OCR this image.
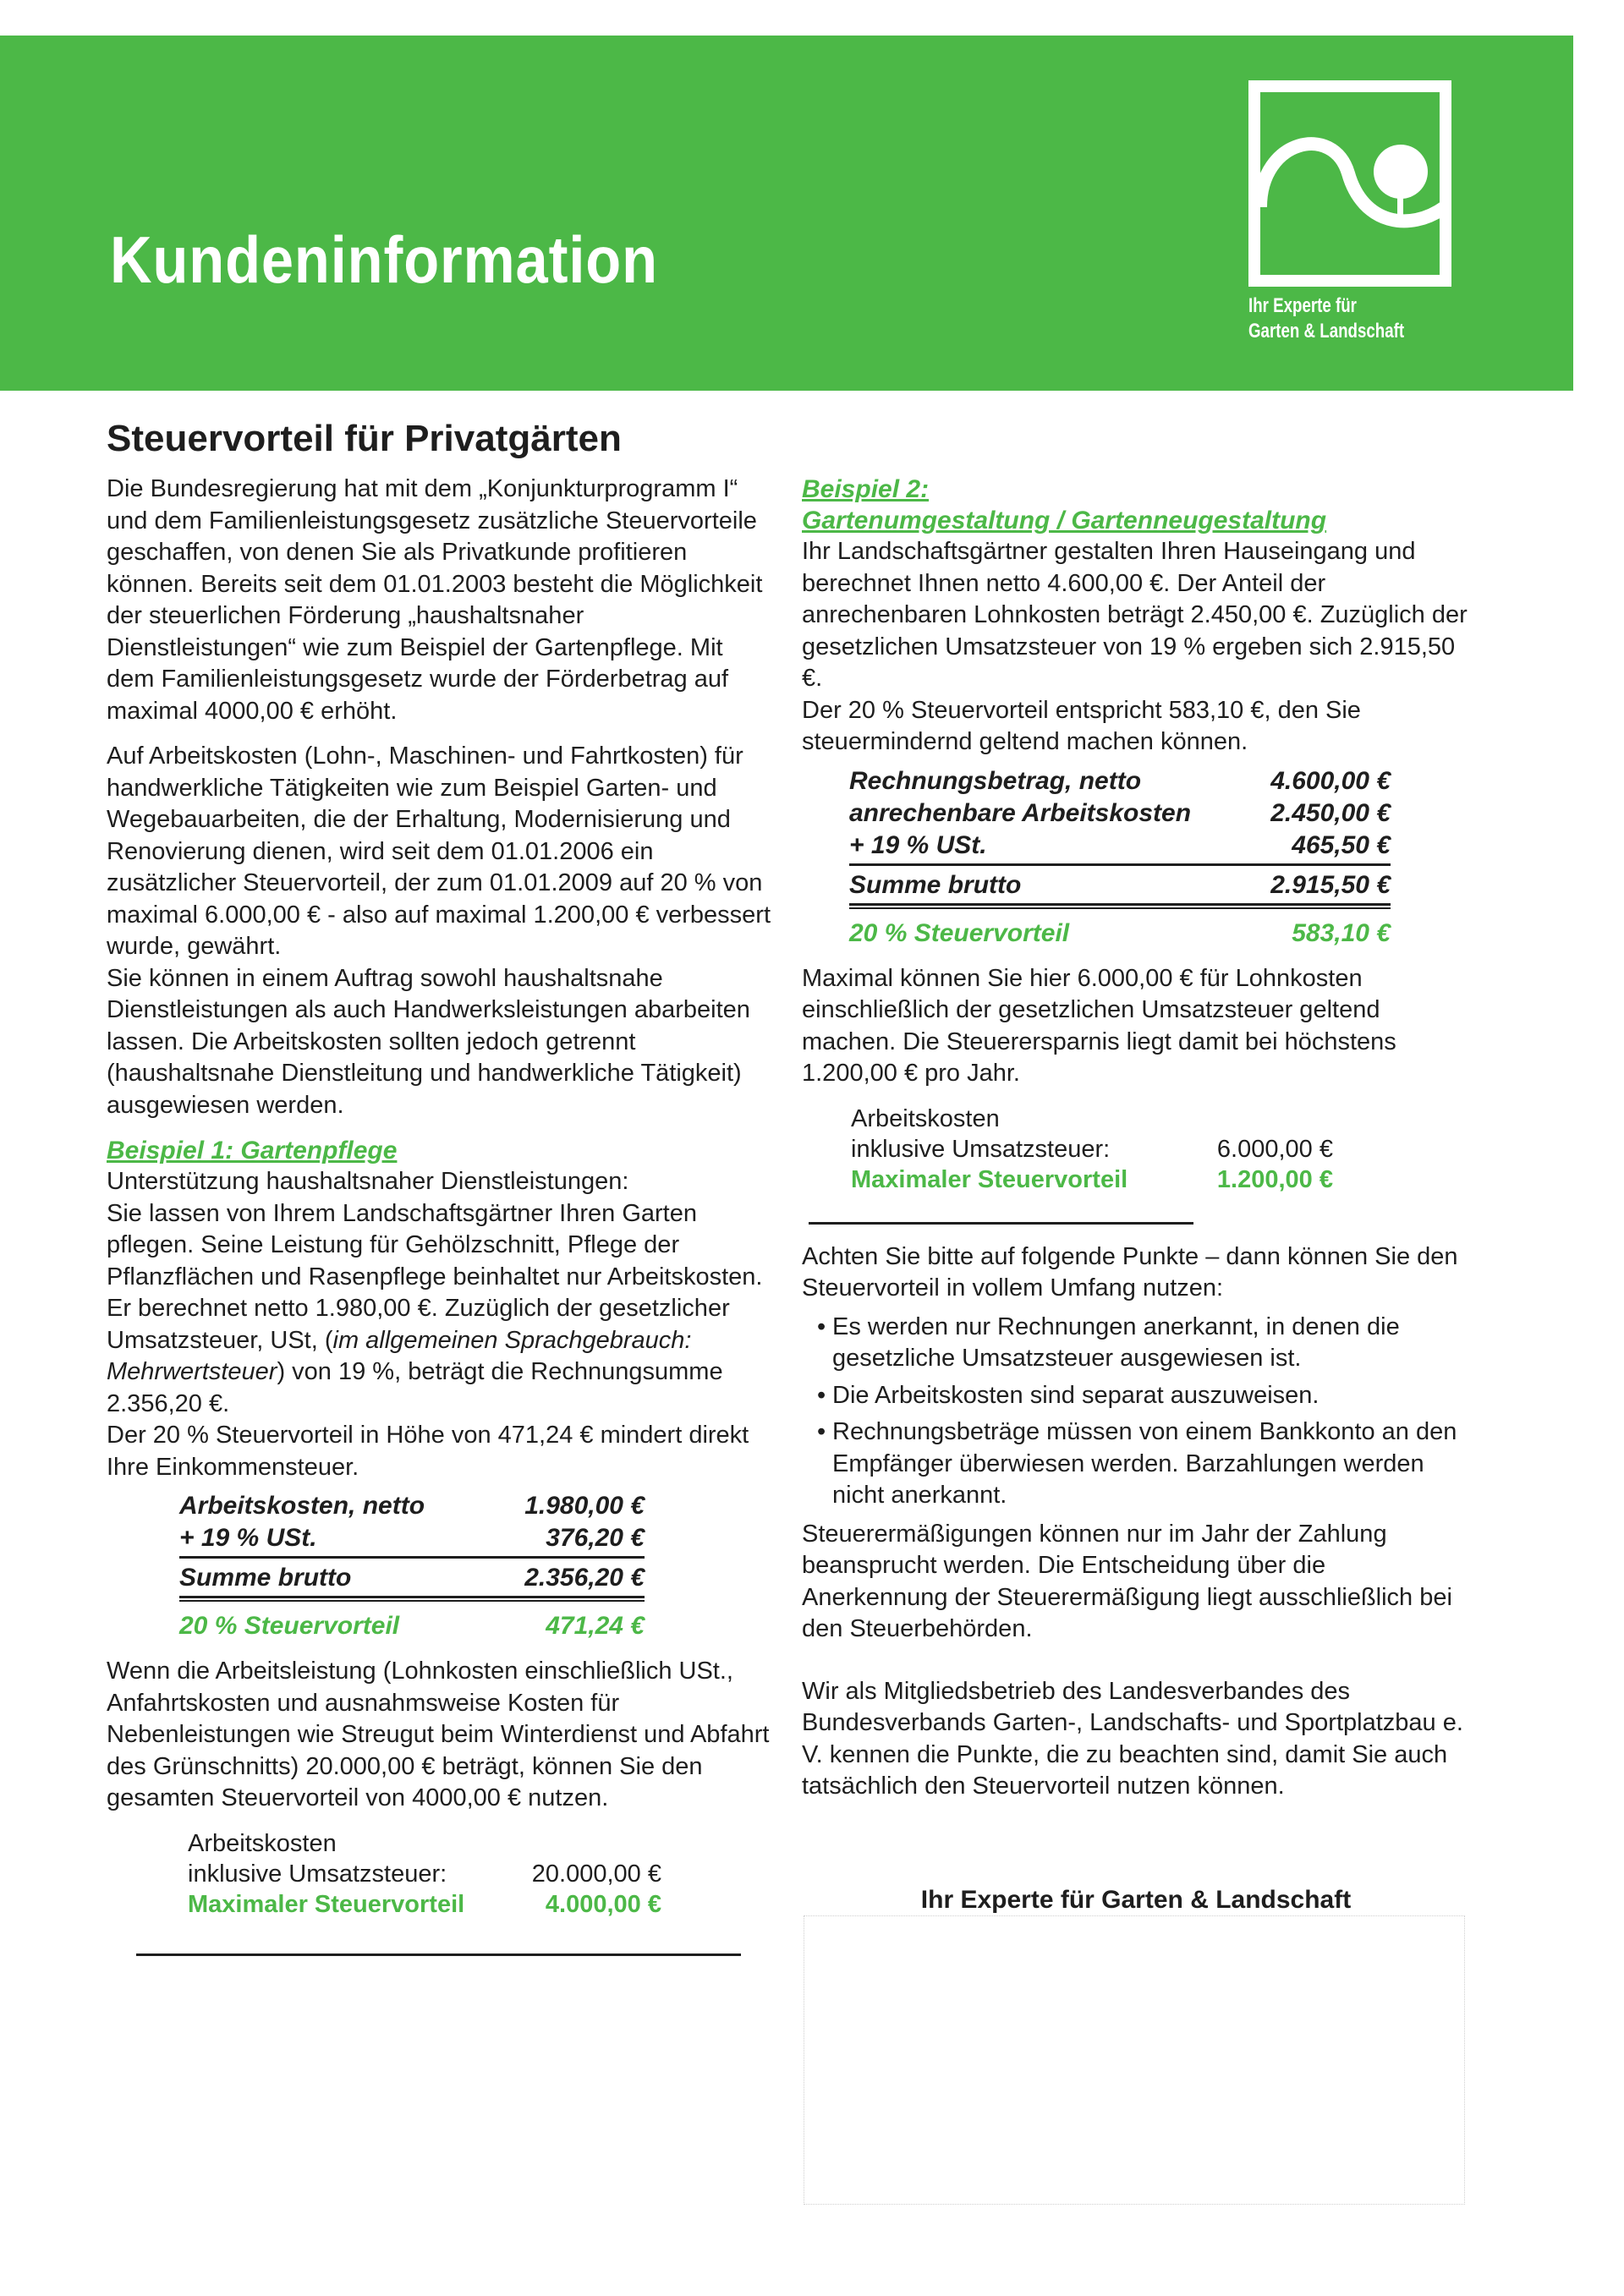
Kundeninformation
Ihr Experte für
Garten & Landschaft
Steuervorteil für Privatgärten

Die Bundesregierung hat mit dem „Konjunkturprogramm I“ und dem Familienleistungsgesetz zusätzliche Steuervorteile geschaffen, von denen Sie als Privatkunde profitieren können. Bereits seit dem 01.01.2003 besteht die Möglichkeit der steuerlichen Förderung „haushaltsnaher Dienstleistungen“ wie zum Beispiel der Gartenpflege. Mit dem Familienleistungsgesetz wurde der Förderbetrag auf maximal 4000,00 € erhöht.

Auf Arbeitskosten (Lohn-, Maschinen- und Fahrtkosten) für handwerkliche Tätigkeiten wie zum Beispiel Garten- und Wegebauarbeiten, die der Erhaltung, Modernisierung und Renovierung dienen, wird seit dem 01.01.2006 ein zusätzlicher Steuervorteil, der zum 01.01.2009 auf 20 % von maximal 6.000,00 € - also auf maximal 1.200,00 € verbessert wurde, gewährt.

Sie können in einem Auftrag sowohl haushaltsnahe Dienstleistungen als auch Handwerksleistungen abarbeiten lassen. Die Arbeitskosten sollten jedoch getrennt (haushaltsnahe Dienstleitung und handwerkliche Tätigkeit) ausgewiesen werden.

Beispiel 1: Gartenpflege

Unterstützung haushaltsnaher Dienstleistungen:

Sie lassen von Ihrem Landschaftsgärtner Ihren Garten pflegen. Seine Leistung für Gehölzschnitt, Pflege der Pflanzflächen und Rasenpflege beinhaltet nur Arbeitskosten.

Er berechnet netto 1.980,00 €. Zuzüglich der gesetzlicher Umsatzsteuer, USt, (im allgemeinen Sprachgebrauch: Mehrwertsteuer) von 19 %, beträgt die Rechnungsumme 2.356,20 €.

Der 20 % Steuervorteil in Höhe von 471,24 € mindert direkt Ihre Einkommensteuer.

Arbeitskosten, netto	1.980,00 €
+ 19 % USt.	376,20 €
Summe brutto	2.356,20 €
20 % Steuervorteil	471,24 €

Wenn die Arbeitsleistung (Lohnkosten einschließlich USt., Anfahrtskosten und ausnahmsweise Kosten für Nebenleistungen wie Streugut beim Winterdienst und Abfahrt des Grünschnitts) 20.000,00 € beträgt, können Sie den gesamten Steuervorteil von 4000,00 € nutzen.

Arbeitskosten
inklusive Umsatzsteuer:	20.000,00 €
Maximaler Steuervorteil	4.000,00 €
Beispiel 2:
Gartenumgestaltung / Gartenneugestaltung

Ihr Landschaftsgärtner gestalten Ihren Hauseingang und berechnet Ihnen netto 4.600,00 €. Der Anteil der anrechenbaren Lohnkosten beträgt 2.450,00 €. Zuzüglich der gesetzlichen Umsatzsteuer von 19 % ergeben sich 2.915,50 €.

Der 20 % Steuervorteil entspricht 583,10 €, den Sie steuermindernd geltend machen können.

Rechnungsbetrag, netto	4.600,00 €
anrechenbare Arbeitskosten	2.450,00 €
+ 19 % USt.	465,50 €
Summe brutto	2.915,50 €
20 % Steuervorteil	583,10 €

Maximal können Sie hier 6.000,00 € für Lohnkosten einschließlich der gesetzlichen Umsatzsteuer geltend machen. Die Steuerersparnis liegt damit bei höchstens 1.200,00 € pro Jahr.

Arbeitskosten
inklusive Umsatzsteuer:	6.000,00 €
Maximaler Steuervorteil	1.200,00 €

Achten Sie bitte auf folgende Punkte – dann können Sie den Steuervorteil in vollem Umfang nutzen:

• Es werden nur Rechnungen anerkannt, in denen die gesetzliche Umsatzsteuer ausgewiesen ist.
• Die Arbeitskosten sind separat auszuweisen.
• Rechnungsbeträge müssen von einem Bankkonto an den Empfänger überwiesen werden. Barzahlungen werden nicht anerkannt.

Steuerermäßigungen können nur im Jahr der Zahlung beansprucht werden. Die Entscheidung über die Anerkennung der Steuerermäßigung liegt ausschließlich bei den Steuerbehörden.

Wir als Mitgliedsbetrieb des Landesverbandes des Bundesverbands Garten-, Landschafts- und Sportplatzbau e. V. kennen die Punkte, die zu beachten sind, damit Sie auch tatsächlich den Steuervorteil nutzen können.

Ihr Experte für Garten & Landschaft
